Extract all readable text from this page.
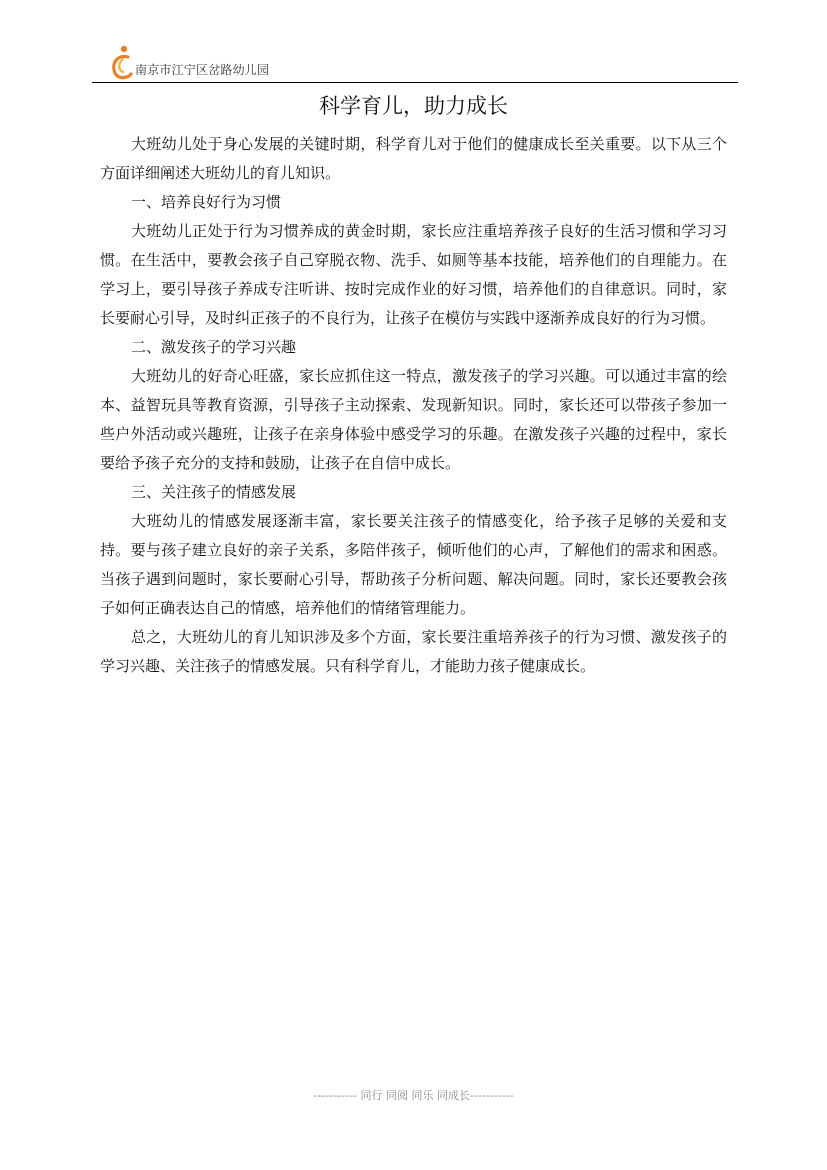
南京市江宁区岔路幼儿园
科学育儿，助力成长

大班幼儿处于身心发展的关键时期，科学育儿对于他们的健康成长至关重要。以下从三个方面详细阐述大班幼儿的育儿知识。

一、培养良好行为习惯

大班幼儿正处于行为习惯养成的黄金时期，家长应注重培养孩子良好的生活习惯和学习习惯。在生活中，要教会孩子自己穿脱衣物、洗手、如厕等基本技能，培养他们的自理能力。在学习上，要引导孩子养成专注听讲、按时完成作业的好习惯，培养他们的自律意识。同时，家长要耐心引导，及时纠正孩子的不良行为，让孩子在模仿与实践中逐渐养成良好的行为习惯。

二、激发孩子的学习兴趣

大班幼儿的好奇心旺盛，家长应抓住这一特点，激发孩子的学习兴趣。可以通过丰富的绘本、益智玩具等教育资源，引导孩子主动探索、发现新知识。同时，家长还可以带孩子参加一些户外活动或兴趣班，让孩子在亲身体验中感受学习的乐趣。在激发孩子兴趣的过程中，家长要给予孩子充分的支持和鼓励，让孩子在自信中成长。

三、关注孩子的情感发展

大班幼儿的情感发展逐渐丰富，家长要关注孩子的情感变化，给予孩子足够的关爱和支持。要与孩子建立良好的亲子关系，多陪伴孩子，倾听他们的心声，了解他们的需求和困惑。当孩子遇到问题时，家长要耐心引导，帮助孩子分析问题、解决问题。同时，家长还要教会孩子如何正确表达自己的情感，培养他们的情绪管理能力。

总之，大班幼儿的育儿知识涉及多个方面，家长要注重培养孩子的行为习惯、激发孩子的学习兴趣、关注孩子的情感发展。只有科学育儿，才能助力孩子健康成长。

----------- 同行 同阅 同乐 同成长-----------
